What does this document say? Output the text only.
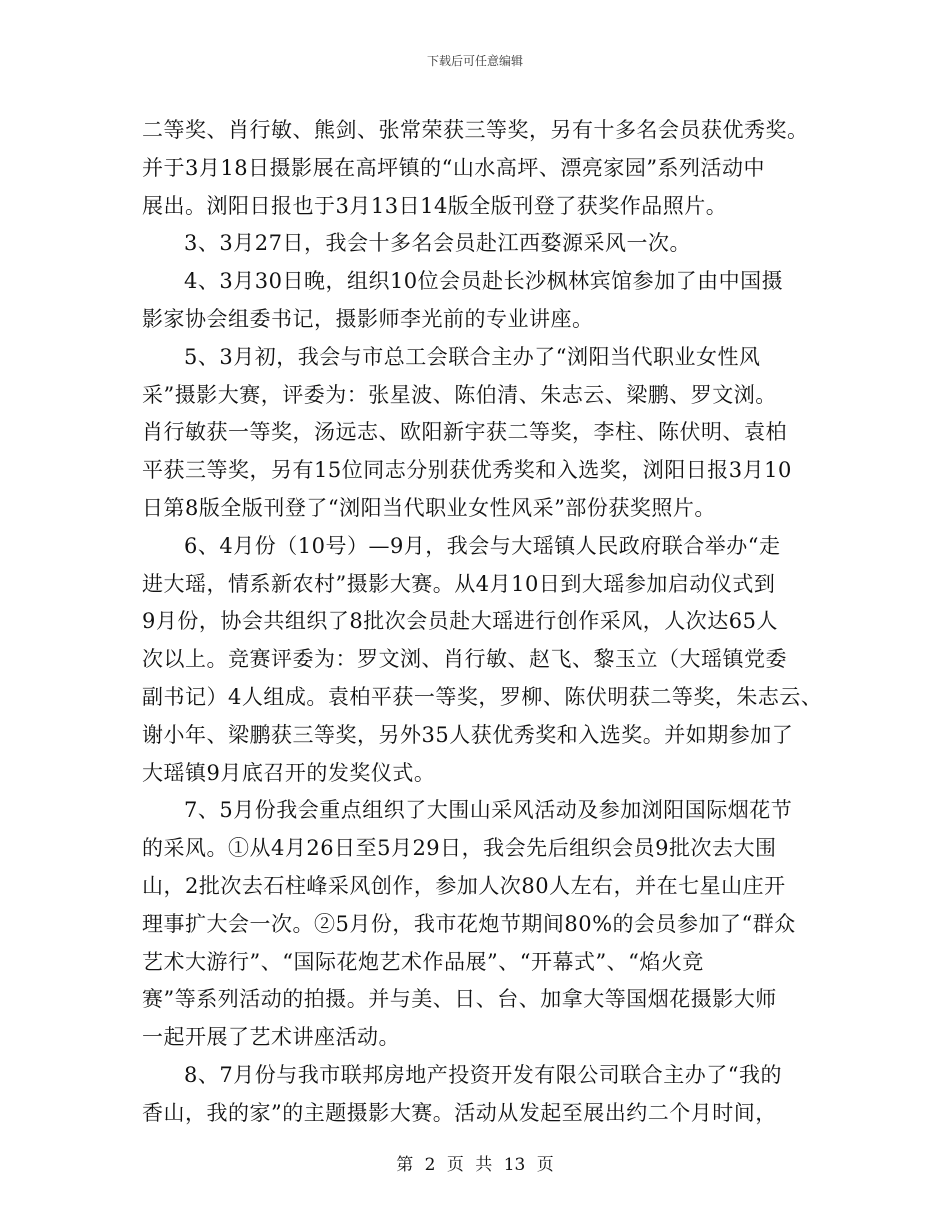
下载后可任意编辑
二等奖、肖行敏、熊剑、张常荣获三等奖，另有十多名会员获优秀奖。
并于3月18日摄影展在高坪镇的“山水高坪、漂亮家园”系列活动中
展出。浏阳日报也于3月13日14版全版刊登了获奖作品照片。
3、3月27日，我会十多名会员赴江西婺源采风一次。
4、3月30日晚，组织10位会员赴长沙枫林宾馆参加了由中国摄
影家协会组委书记，摄影师李光前的专业讲座。
5、3月初，我会与市总工会联合主办了“浏阳当代职业女性风
采”摄影大赛，评委为：张星波、陈伯清、朱志云、梁鹏、罗文浏。
肖行敏获一等奖，汤远志、欧阳新宇获二等奖，李柱、陈伏明、袁柏
平获三等奖，另有15位同志分别获优秀奖和入选奖，浏阳日报3月10
日第8版全版刊登了“浏阳当代职业女性风采”部份获奖照片。
6、4月份（10号）—9月，我会与大瑶镇人民政府联合举办“走
进大瑶，情系新农村”摄影大赛。从4月10日到大瑶参加启动仪式到
9月份，协会共组织了8批次会员赴大瑶进行创作采风，人次达65人
次以上。竞赛评委为：罗文浏、肖行敏、赵飞、黎玉立（大瑶镇党委
副书记）4人组成。袁柏平获一等奖，罗柳、陈伏明获二等奖，朱志云、
谢小年、梁鹏获三等奖，另外35人获优秀奖和入选奖。并如期参加了
大瑶镇9月底召开的发奖仪式。
7、5月份我会重点组织了大围山采风活动及参加浏阳国际烟花节
的采风。①从4月26日至5月29日，我会先后组织会员9批次去大围
山，2批次去石柱峰采风创作，参加人次80人左右，并在七星山庄开
理事扩大会一次。②5月份，我市花炮节期间80%的会员参加了“群众
艺术大游行”、“国际花炮艺术作品展”、“开幕式”、“焰火竞
赛”等系列活动的拍摄。并与美、日、台、加拿大等国烟花摄影大师
一起开展了艺术讲座活动。
8、7月份与我市联邦房地产投资开发有限公司联合主办了“我的
香山，我的家”的主题摄影大赛。活动从发起至展出约二个月时间，
第 2 页 共 13 页
